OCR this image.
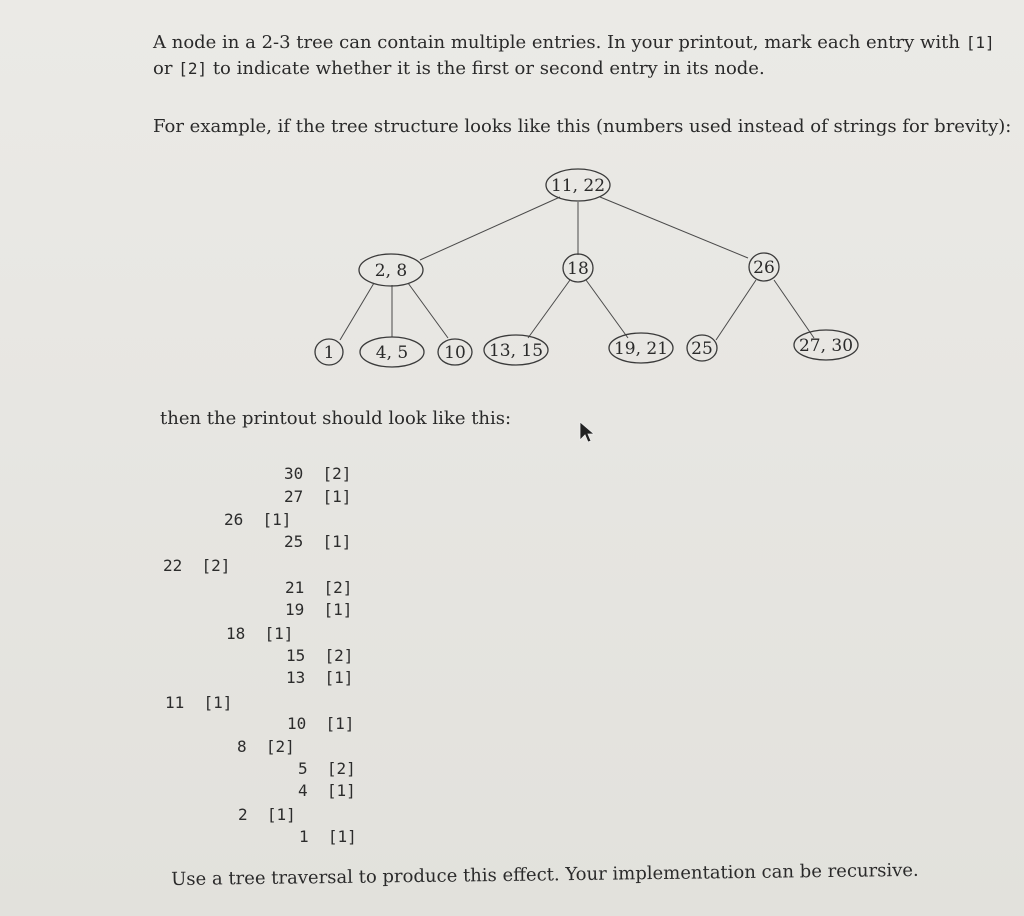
A node in a 2-3 tree can contain multiple entries. In your printout, mark each entry with [1]
or [2] to indicate whether it is the first or second entry in its node.

For example, if the tree structure looks like this (numbers used instead of strings for brevity):

11, 22
2, 8	18	26
1 4, 5 10 13, 15	19, 21 25	27, 30

then the printout should look like this:

30 [2]
27 [1]
26 [1]
25 [1]
22 [2]
21 [2]
19 [1]
18 [1]
15 [2]
13 [1]
11 [1]
10 [1]
8 [2]
5 [2]
4 [1]
2 [1]
1 [1]

Use a tree traversal to produce this effect. Your implementation can be recursive.
